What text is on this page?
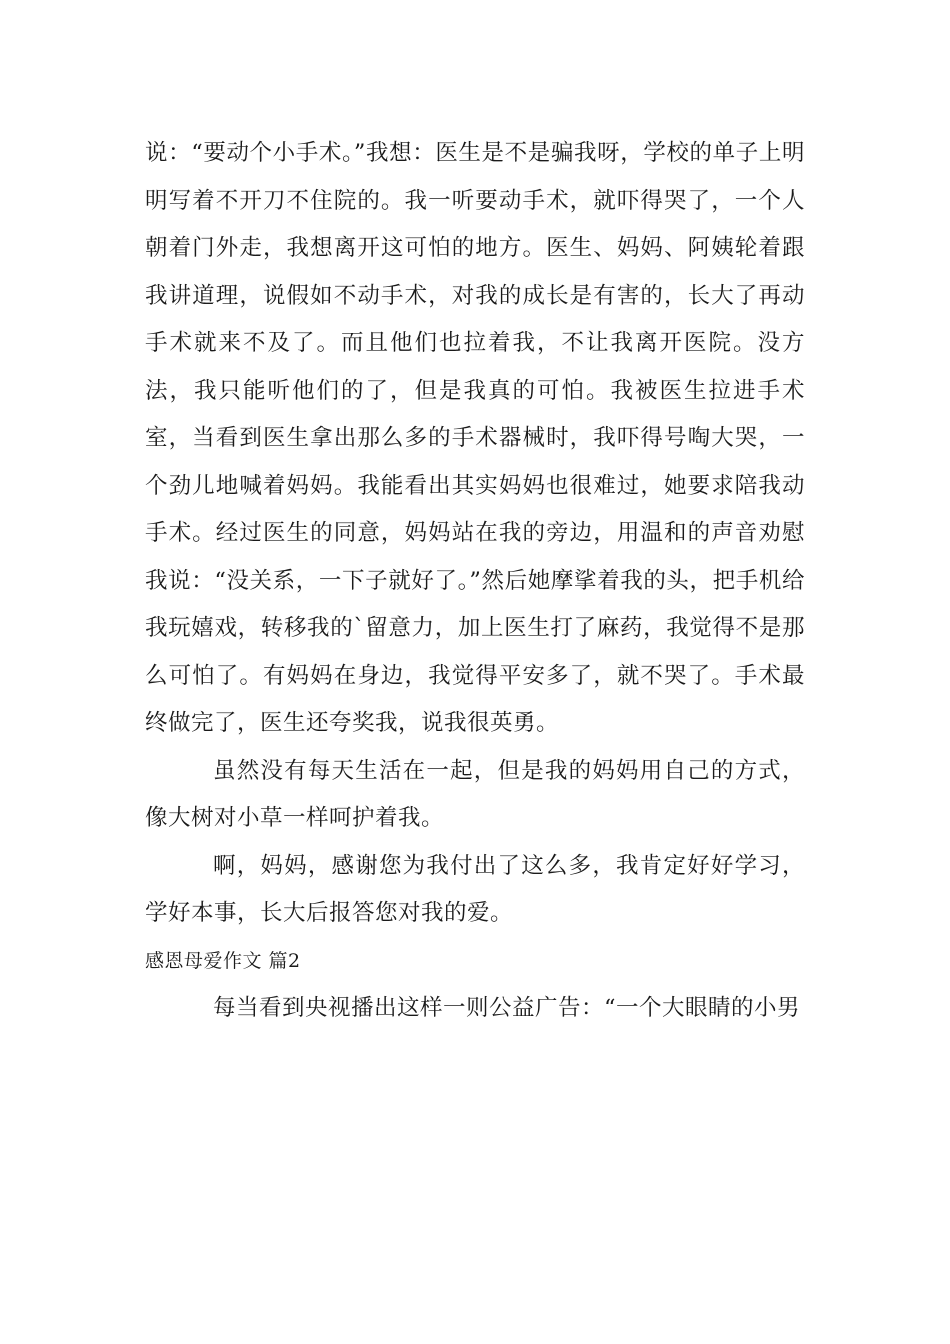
说：“要动个小手术。”我想：医生是不是骗我呀，学校的单子上明明写着不开刀不住院的。我一听要动手术，就吓得哭了，一个人朝着门外走，我想离开这可怕的地方。医生、妈妈、阿姨轮着跟我讲道理，说假如不动手术，对我的成长是有害的，长大了再动手术就来不及了。而且他们也拉着我，不让我离开医院。没方法，我只能听他们的了，但是我真的可怕。我被医生拉进手术室，当看到医生拿出那么多的手术器械时，我吓得号啕大哭，一个劲儿地喊着妈妈。我能看出其实妈妈也很难过，她要求陪我动手术。经过医生的同意，妈妈站在我的旁边，用温和的声音劝慰我说：“没关系，一下子就好了。”然后她摩挲着我的头，把手机给我玩嬉戏，转移我的`留意力，加上医生打了麻药，我觉得不是那么可怕了。有妈妈在身边，我觉得平安多了，就不哭了。手术最终做完了，医生还夸奖我，说我很英勇。

虽然没有每天生活在一起，但是我的妈妈用自己的方式，像大树对小草一样呵护着我。

啊，妈妈，感谢您为我付出了这么多，我肯定好好学习，学好本事，长大后报答您对我的爱。

感恩母爱作文 篇2

每当看到央视播出这样一则公益广告：“一个大眼睛的小男
